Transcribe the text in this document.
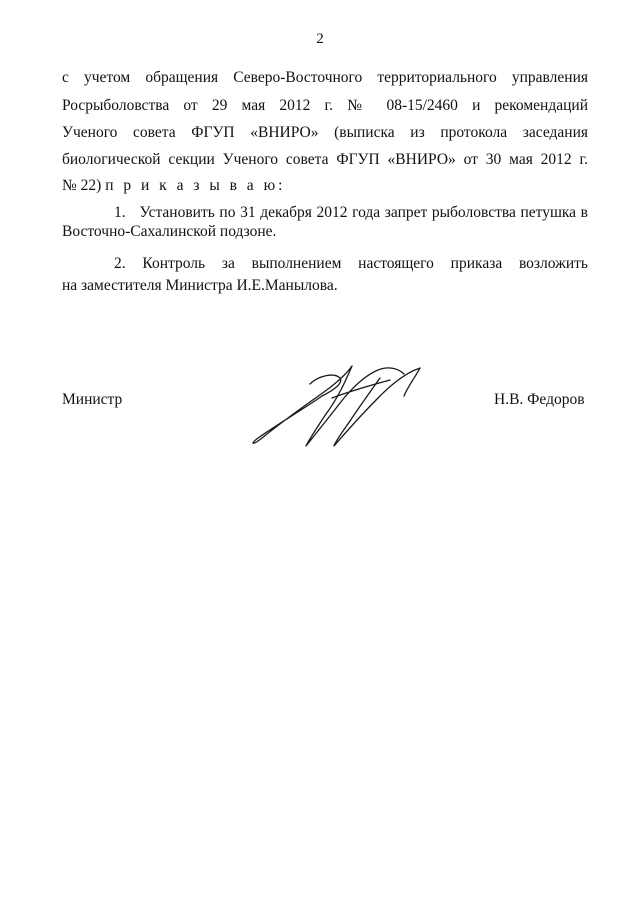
2
с учетом обращения Северо-Восточного территориального управления
Росрыболовства от 29 мая 2012 г. № 08-15/2460 и рекомендаций
Ученого совета ФГУП «ВНИРО» (выписка из протокола заседания
биологической секции Ученого совета ФГУП «ВНИРО» от 30 мая 2012 г.
№ 22) п р и к а з ы в а ю:
1. Установить по 31 декабря 2012 года запрет рыболовства петушка в
Восточно-Сахалинской подзоне.
2. Контроль за выполнением настоящего приказа возложить
на заместителя Министра И.Е.Манылова.
Министр	Н.В. Федоров
